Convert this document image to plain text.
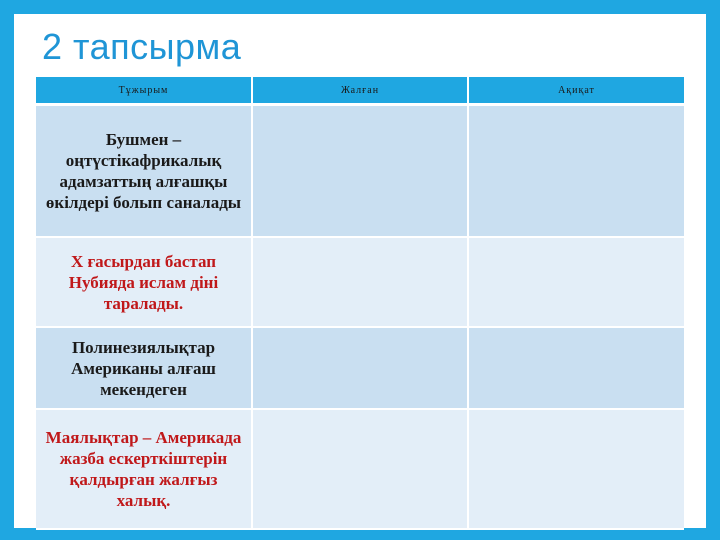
2 тапсырма
Тұжырым	Жалған	Ақиқат
Бушмен – оңтүстікафрикалық адамзаттың алғашқы өкілдері болып саналады		
Х ғасырдан бастап Нубияда ислам діні таралады.		
Полинезиялықтар Американы алғаш мекендеген		
Маялықтар – Америкада жазба ескерткіштерін қалдырған жалғыз халық.		
